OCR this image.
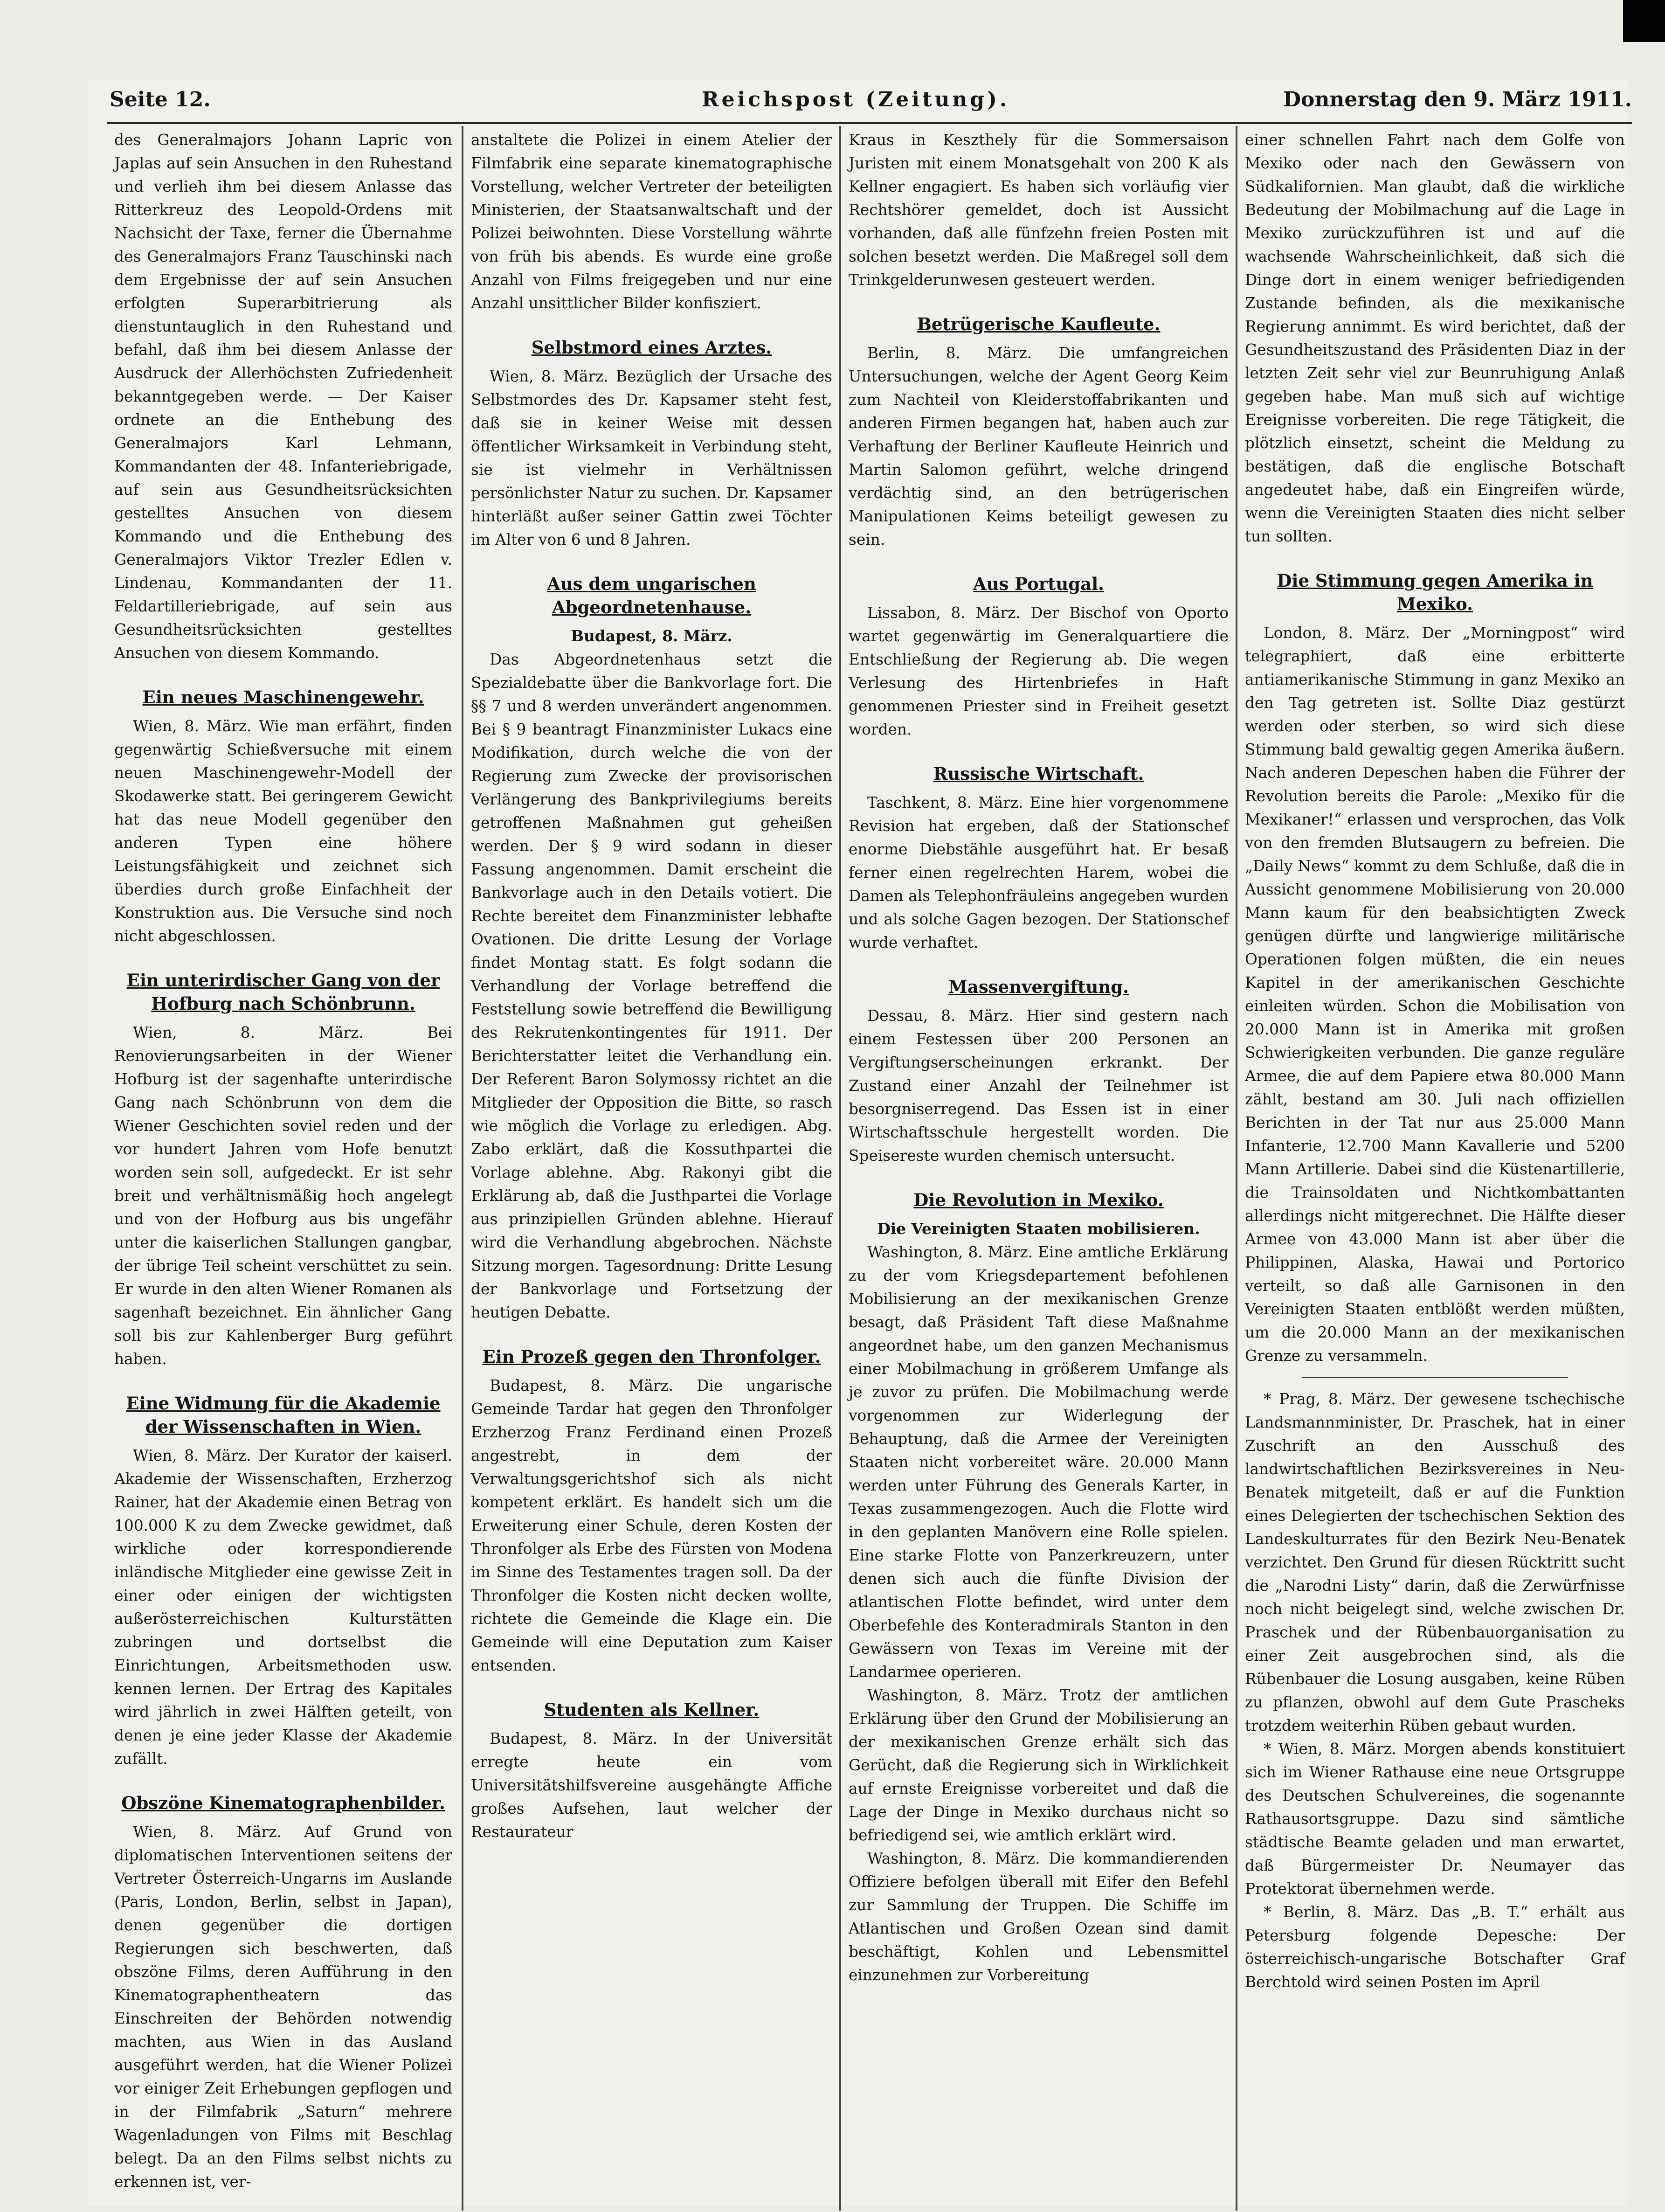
Seite 12.	Reichspost (Zeitung).	Donnerstag den 9. März 1911.

des Generalmajors Johann Lapric von Japlas auf sein Ansuchen in den Ruhestand und verlieh ihm bei diesem Anlasse das Ritterkreuz des Leopold-Ordens mit Nachsicht der Taxe, ferner die Übernahme des Generalmajors Franz Tauschinski nach dem Ergebnisse der auf sein Ansuchen erfolgten Superarbitrierung als dienstuntauglich in den Ruhestand und befahl, daß ihm bei diesem Anlasse der Ausdruck der Allerhöchsten Zufriedenheit bekanntgegeben werde. — Der Kaiser ordnete an die Enthebung des Generalmajors Karl Lehmann, Kommandanten der 48. Infanteriebrigade, auf sein aus Gesundheitsrücksichten gestelltes Ansuchen von diesem Kommando und die Enthebung des Generalmajors Viktor Trezler Edlen v. Lindenau, Kommandanten der 11. Feldartilleriebrigade, auf sein aus Gesundheitsrücksichten gestelltes Ansuchen von diesem Kommando.

Ein neues Maschinengewehr.

Wien, 8. März. Wie man erfährt, finden gegenwärtig Schießversuche mit einem neuen Maschinengewehr-Modell der Skodawerke statt. Bei geringerem Gewicht hat das neue Modell gegenüber den anderen Typen eine höhere Leistungsfähigkeit und zeichnet sich überdies durch große Einfachheit der Konstruktion aus. Die Versuche sind noch nicht abgeschlossen.

Ein unterirdischer Gang von der Hofburg nach Schönbrunn.

Wien, 8. März. Bei Renovierungsarbeiten in der Wiener Hofburg ist der sagenhafte unterirdische Gang nach Schönbrunn von dem die Wiener Geschichten soviel reden und der vor hundert Jahren vom Hofe benutzt worden sein soll, aufgedeckt. Er ist sehr breit und verhältnismäßig hoch angelegt und von der Hofburg aus bis ungefähr unter die kaiserlichen Stallungen gangbar, der übrige Teil scheint verschüttet zu sein. Er wurde in den alten Wiener Romanen als sagenhaft bezeichnet. Ein ähnlicher Gang soll bis zur Kahlenberger Burg geführt haben.

Eine Widmung für die Akademie der Wissenschaften in Wien.

Wien, 8. März. Der Kurator der kaiserl. Akademie der Wissenschaften, Erzherzog Rainer, hat der Akademie einen Betrag von 100.000 K zu dem Zwecke gewidmet, daß wirkliche oder korrespondierende inländische Mitglieder eine gewisse Zeit in einer oder einigen der wichtigsten außerösterreichischen Kulturstätten zubringen und dortselbst die Einrichtungen, Arbeitsmethoden usw. kennen lernen. Der Ertrag des Kapitales wird jährlich in zwei Hälften geteilt, von denen je eine jeder Klasse der Akademie zufällt.

Obszöne Kinematographenbilder.

Wien, 8. März. Auf Grund von diplomatischen Interventionen seitens der Vertreter Österreich-Ungarns im Auslande (Paris, London, Berlin, selbst in Japan), denen gegenüber die dortigen Regierungen sich beschwerten, daß obszöne Films, deren Aufführung in den Kinematographentheatern das Einschreiten der Behörden notwendig machten, aus Wien in das Ausland ausgeführt werden, hat die Wiener Polizei vor einiger Zeit Erhebungen gepflogen und in der Filmfabrik „Saturn“ mehrere Wagenladungen von Films mit Beschlag belegt. Da an den Films selbst nichts zu erkennen ist, ver-

anstaltete die Polizei in einem Atelier der Filmfabrik eine separate kinematographische Vorstellung, welcher Vertreter der beteiligten Ministerien, der Staatsanwaltschaft und der Polizei beiwohnten. Diese Vorstellung währte von früh bis abends. Es wurde eine große Anzahl von Films freigegeben und nur eine Anzahl unsittlicher Bilder konfisziert.

Selbstmord eines Arztes.

Wien, 8. März. Bezüglich der Ursache des Selbstmordes des Dr. Kapsamer steht fest, daß sie in keiner Weise mit dessen öffentlicher Wirksamkeit in Verbindung steht, sie ist vielmehr in Verhältnissen persönlichster Natur zu suchen. Dr. Kapsamer hinterläßt außer seiner Gattin zwei Töchter im Alter von 6 und 8 Jahren.

Aus dem ungarischen Abgeordnetenhause.

Budapest, 8. März.

Das Abgeordnetenhaus setzt die Spezialdebatte über die Bankvorlage fort. Die §§ 7 und 8 werden unverändert angenommen. Bei § 9 beantragt Finanzminister Lukacs eine Modifikation, durch welche die von der Regierung zum Zwecke der provisorischen Verlängerung des Bankprivilegiums bereits getroffenen Maßnahmen gut geheißen werden. Der § 9 wird sodann in dieser Fassung angenommen. Damit erscheint die Bankvorlage auch in den Details votiert. Die Rechte bereitet dem Finanzminister lebhafte Ovationen. Die dritte Lesung der Vorlage findet Montag statt. Es folgt sodann die Verhandlung der Vorlage betreffend die Feststellung sowie betreffend die Bewilligung des Rekrutenkontingentes für 1911. Der Berichterstatter leitet die Verhandlung ein. Der Referent Baron Solymossy richtet an die Mitglieder der Opposition die Bitte, so rasch wie möglich die Vorlage zu erledigen. Abg. Zabo erklärt, daß die Kossuthpartei die Vorlage ablehne. Abg. Rakonyi gibt die Erklärung ab, daß die Justhpartei die Vorlage aus prinzipiellen Gründen ablehne. Hierauf wird die Verhandlung abgebrochen. Nächste Sitzung morgen. Tagesordnung: Dritte Lesung der Bankvorlage und Fortsetzung der heutigen Debatte.

Ein Prozeß gegen den Thronfolger.

Budapest, 8. März. Die ungarische Gemeinde Tardar hat gegen den Thronfolger Erzherzog Franz Ferdinand einen Prozeß angestrebt, in dem der Verwaltungsgerichtshof sich als nicht kompetent erklärt. Es handelt sich um die Erweiterung einer Schule, deren Kosten der Thronfolger als Erbe des Fürsten von Modena im Sinne des Testamentes tragen soll. Da der Thronfolger die Kosten nicht decken wollte, richtete die Gemeinde die Klage ein. Die Gemeinde will eine Deputation zum Kaiser entsenden.

Studenten als Kellner.

Budapest, 8. März. In der Universität erregte heute ein vom Universitätshilfsvereine ausgehängte Affiche großes Aufsehen, laut welcher der Restaurateur

Kraus in Keszthely für die Sommersaison Juristen mit einem Monatsgehalt von 200 K als Kellner engagiert. Es haben sich vorläufig vier Rechtshörer gemeldet, doch ist Aussicht vorhanden, daß alle fünfzehn freien Posten mit solchen besetzt werden. Die Maßregel soll dem Trinkgelderunwesen gesteuert werden.

Betrügerische Kaufleute.

Berlin, 8. März. Die umfangreichen Untersuchungen, welche der Agent Georg Keim zum Nachteil von Kleiderstoffabrikanten und anderen Firmen begangen hat, haben auch zur Verhaftung der Berliner Kaufleute Heinrich und Martin Salomon geführt, welche dringend verdächtig sind, an den betrügerischen Manipulationen Keims beteiligt gewesen zu sein.

Aus Portugal.

Lissabon, 8. März. Der Bischof von Oporto wartet gegenwärtig im Generalquartiere die Entschließung der Regierung ab. Die wegen Verlesung des Hirtenbriefes in Haft genommenen Priester sind in Freiheit gesetzt worden.

Russische Wirtschaft.

Taschkent, 8. März. Eine hier vorgenommene Revision hat ergeben, daß der Stationschef enorme Diebstähle ausgeführt hat. Er besaß ferner einen regelrechten Harem, wobei die Damen als Telephonfräuleins angegeben wurden und als solche Gagen bezogen. Der Stationschef wurde verhaftet.

Massenvergiftung.

Dessau, 8. März. Hier sind gestern nach einem Festessen über 200 Personen an Vergiftungserscheinungen erkrankt. Der Zustand einer Anzahl der Teilnehmer ist besorgniserregend. Das Essen ist in einer Wirtschaftsschule hergestellt worden. Die Speisereste wurden chemisch untersucht.

Die Revolution in Mexiko.

Die Vereinigten Staaten mobilisieren.

Washington, 8. März. Eine amtliche Erklärung zu der vom Kriegsdepartement befohlenen Mobilisierung an der mexikanischen Grenze besagt, daß Präsident Taft diese Maßnahme angeordnet habe, um den ganzen Mechanismus einer Mobilmachung in größerem Umfange als je zuvor zu prüfen. Die Mobilmachung werde vorgenommen zur Widerlegung der Behauptung, daß die Armee der Vereinigten Staaten nicht vorbereitet wäre. 20.000 Mann werden unter Führung des Generals Karter, in Texas zusammengezogen. Auch die Flotte wird in den geplanten Manövern eine Rolle spielen. Eine starke Flotte von Panzerkreuzern, unter denen sich auch die fünfte Division der atlantischen Flotte befindet, wird unter dem Oberbefehle des Konteradmirals Stanton in den Gewässern von Texas im Vereine mit der Landarmee operieren.

Washington, 8. März. Trotz der amtlichen Erklärung über den Grund der Mobilisierung an der mexikanischen Grenze erhält sich das Gerücht, daß die Regierung sich in Wirklichkeit auf ernste Ereignisse vorbereitet und daß die Lage der Dinge in Mexiko durchaus nicht so befriedigend sei, wie amtlich erklärt wird.

Washington, 8. März. Die kommandierenden Offiziere befolgen überall mit Eifer den Befehl zur Sammlung der Truppen. Die Schiffe im Atlantischen und Großen Ozean sind damit beschäftigt, Kohlen und Lebensmittel einzunehmen zur Vorbereitung

einer schnellen Fahrt nach dem Golfe von Mexiko oder nach den Gewässern von Südkalifornien. Man glaubt, daß die wirkliche Bedeutung der Mobilmachung auf die Lage in Mexiko zurückzuführen ist und auf die wachsende Wahrscheinlichkeit, daß sich die Dinge dort in einem weniger befriedigenden Zustande befinden, als die mexikanische Regierung annimmt. Es wird berichtet, daß der Gesundheitszustand des Präsidenten Diaz in der letzten Zeit sehr viel zur Beunruhigung Anlaß gegeben habe. Man muß sich auf wichtige Ereignisse vorbereiten. Die rege Tätigkeit, die plötzlich einsetzt, scheint die Meldung zu bestätigen, daß die englische Botschaft angedeutet habe, daß ein Eingreifen würde, wenn die Vereinigten Staaten dies nicht selber tun sollten.

Die Stimmung gegen Amerika in Mexiko.

London, 8. März. Der „Morningpost“ wird telegraphiert, daß eine erbitterte antiamerikanische Stimmung in ganz Mexiko an den Tag getreten ist. Sollte Diaz gestürzt werden oder sterben, so wird sich diese Stimmung bald gewaltig gegen Amerika äußern. Nach anderen Depeschen haben die Führer der Revolution bereits die Parole: „Mexiko für die Mexikaner!“ erlassen und versprochen, das Volk von den fremden Blutsaugern zu befreien. Die „Daily News“ kommt zu dem Schluße, daß die in Aussicht genommene Mobilisierung von 20.000 Mann kaum für den beabsichtigten Zweck genügen dürfte und langwierige militärische Operationen folgen müßten, die ein neues Kapitel in der amerikanischen Geschichte einleiten würden. Schon die Mobilisation von 20.000 Mann ist in Amerika mit großen Schwierigkeiten verbunden. Die ganze reguläre Armee, die auf dem Papiere etwa 80.000 Mann zählt, bestand am 30. Juli nach offiziellen Berichten in der Tat nur aus 25.000 Mann Infanterie, 12.700 Mann Kavallerie und 5200 Mann Artillerie. Dabei sind die Küstenartillerie, die Trainsoldaten und Nichtkombattanten allerdings nicht mitgerechnet. Die Hälfte dieser Armee von 43.000 Mann ist aber über die Philippinen, Alaska, Hawai und Portorico verteilt, so daß alle Garnisonen in den Vereinigten Staaten entblößt werden müßten, um die 20.000 Mann an der mexikanischen Grenze zu versammeln.

* Prag, 8. März. Der gewesene tschechische Landsmannminister, Dr. Praschek, hat in einer Zuschrift an den Ausschuß des landwirtschaftlichen Bezirksvereines in Neu-Benatek mitgeteilt, daß er auf die Funktion eines Delegierten der tschechischen Sektion des Landeskulturrates für den Bezirk Neu-Benatek verzichtet. Den Grund für diesen Rücktritt sucht die „Narodni Listy“ darin, daß die Zerwürfnisse noch nicht beigelegt sind, welche zwischen Dr. Praschek und der Rübenbauorganisation zu einer Zeit ausgebrochen sind, als die Rübenbauer die Losung ausgaben, keine Rüben zu pflanzen, obwohl auf dem Gute Prascheks trotzdem weiterhin Rüben gebaut wurden.

* Wien, 8. März. Morgen abends konstituiert sich im Wiener Rathause eine neue Ortsgruppe des Deutschen Schulvereines, die sogenannte Rathausortsgruppe. Dazu sind sämtliche städtische Beamte geladen und man erwartet, daß Bürgermeister Dr. Neumayer das Protektorat übernehmen werde.

* Berlin, 8. März. Das „B. T.“ erhält aus Petersburg folgende Depesche: Der österreichisch-ungarische Botschafter Graf Berchtold wird seinen Posten im April
